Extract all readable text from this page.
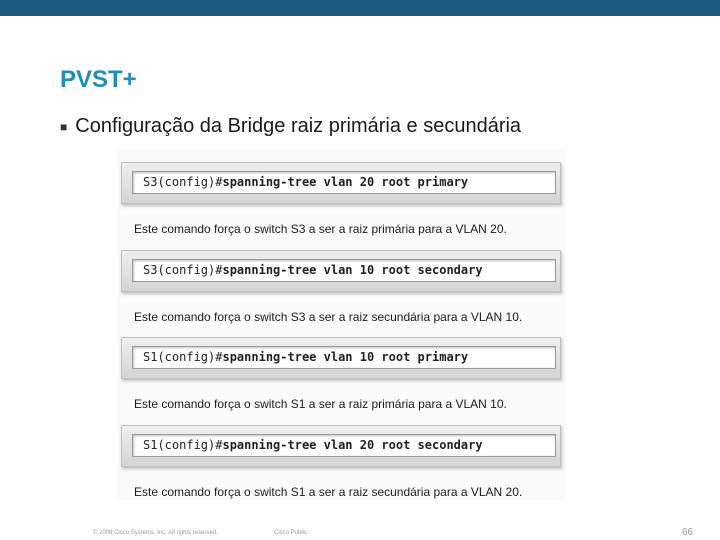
PVST+
■ Configuração da Bridge raiz primária e secundária
S3(config)#spanning-tree vlan 20 root primary
Este comando força o switch S3 a ser a raiz primária para a VLAN 20.
S3(config)#spanning-tree vlan 10 root secondary
Este comando força o switch S3 a ser a raiz secundária para a VLAN 10.
S1(config)#spanning-tree vlan 10 root primary
Este comando força o switch S1 a ser a raiz primária para a VLAN 10.
S1(config)#spanning-tree vlan 20 root secondary
Este comando força o switch S1 a ser a raiz secundária para a VLAN 20.
© 2006 Cisco Systems, Inc. All rights reserved.	Cisco Public	66
